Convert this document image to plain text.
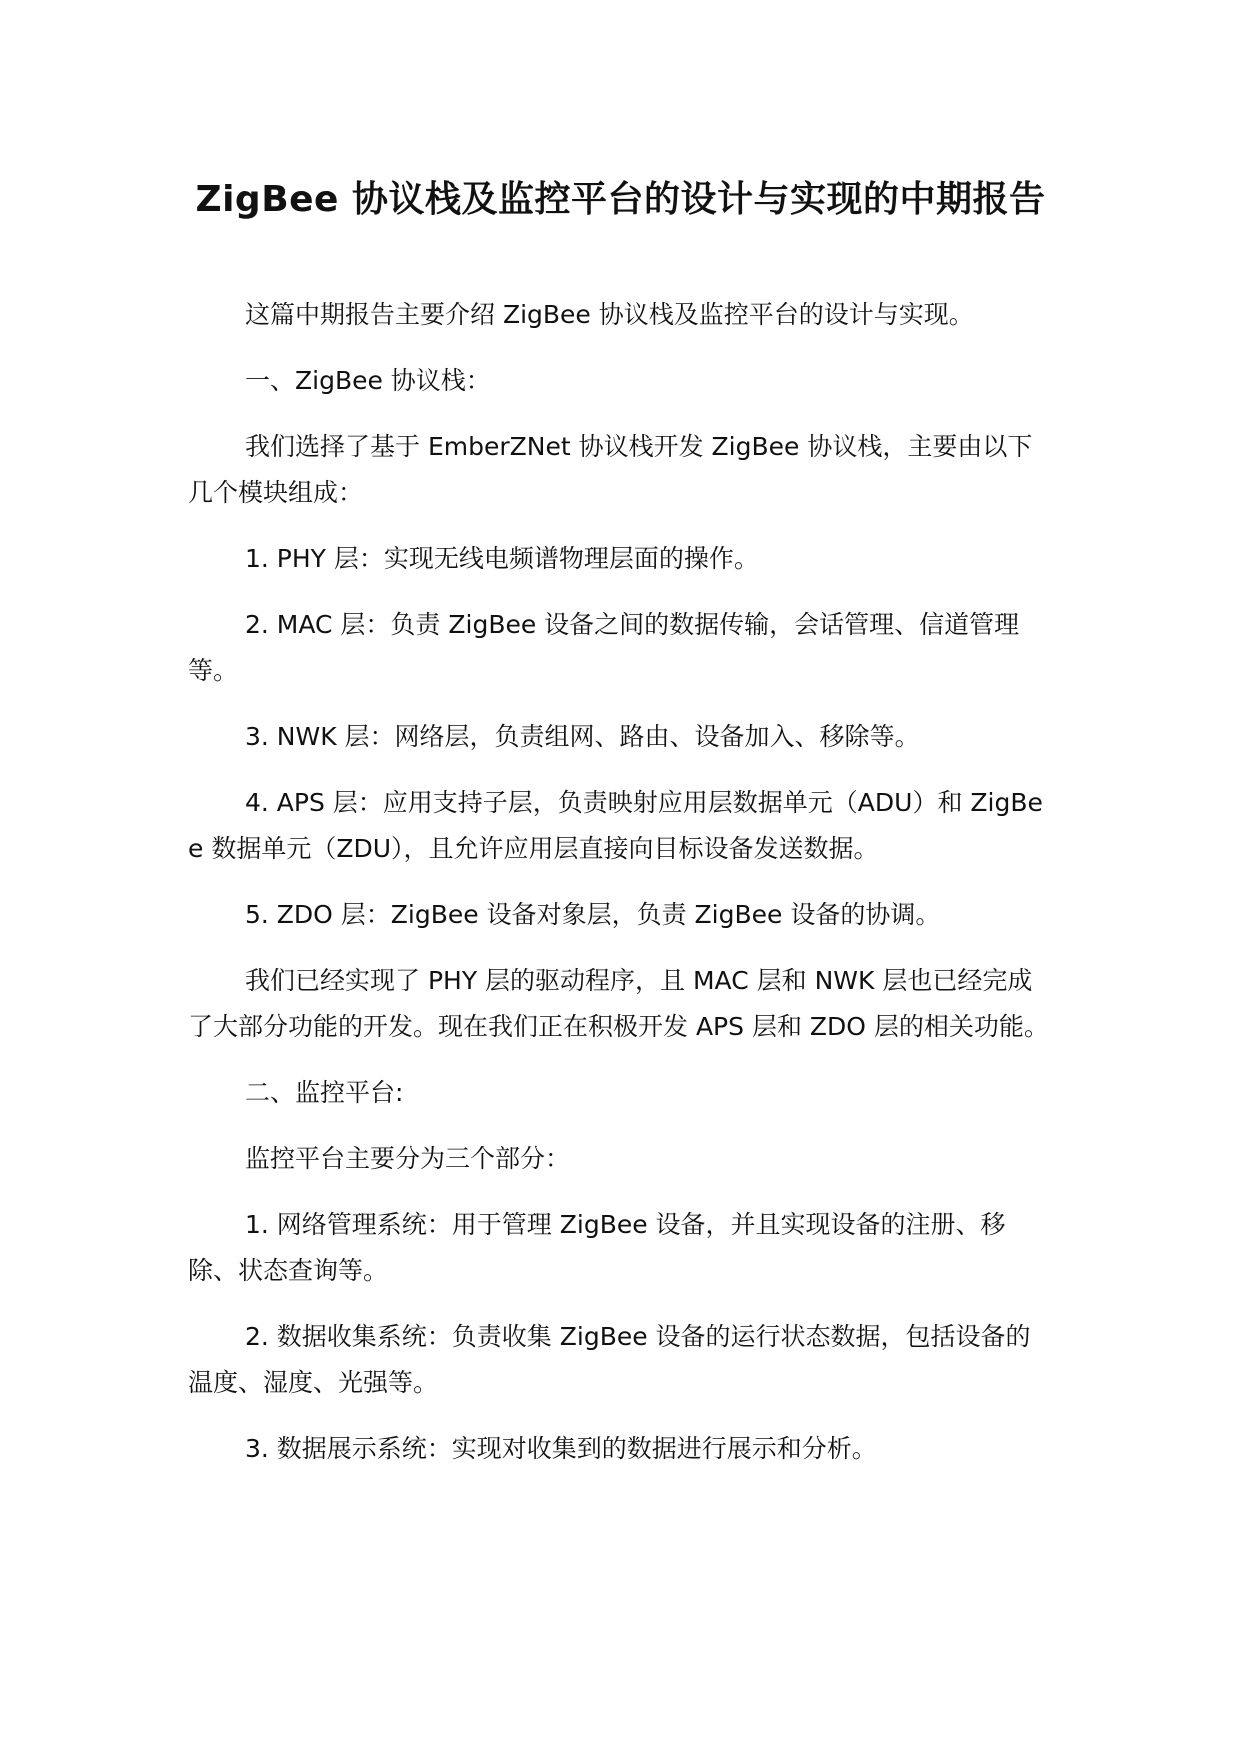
ZigBee 协议栈及监控平台的设计与实现的中期报告

这篇中期报告主要介绍 ZigBee 协议栈及监控平台的设计与实现。

一、ZigBee 协议栈：

我们选择了基于 EmberZNet 协议栈开发 ZigBee 协议栈，主要由以下几个模块组成：

1. PHY 层：实现无线电频谱物理层面的操作。

2. MAC 层：负责 ZigBee 设备之间的数据传输，会话管理、信道管理等。

3. NWK 层：网络层，负责组网、路由、设备加入、移除等。

4. APS 层：应用支持子层，负责映射应用层数据单元（ADU）和 ZigBee 数据单元（ZDU），且允许应用层直接向目标设备发送数据。

5. ZDO 层：ZigBee 设备对象层，负责 ZigBee 设备的协调。

我们已经实现了 PHY 层的驱动程序，且 MAC 层和 NWK 层也已经完成了大部分功能的开发。现在我们正在积极开发 APS 层和 ZDO 层的相关功能。

二、监控平台:

监控平台主要分为三个部分：

1. 网络管理系统：用于管理 ZigBee 设备，并且实现设备的注册、移除、状态查询等。

2. 数据收集系统：负责收集 ZigBee 设备的运行状态数据，包括设备的温度、湿度、光强等。

3. 数据展示系统：实现对收集到的数据进行展示和分析。
